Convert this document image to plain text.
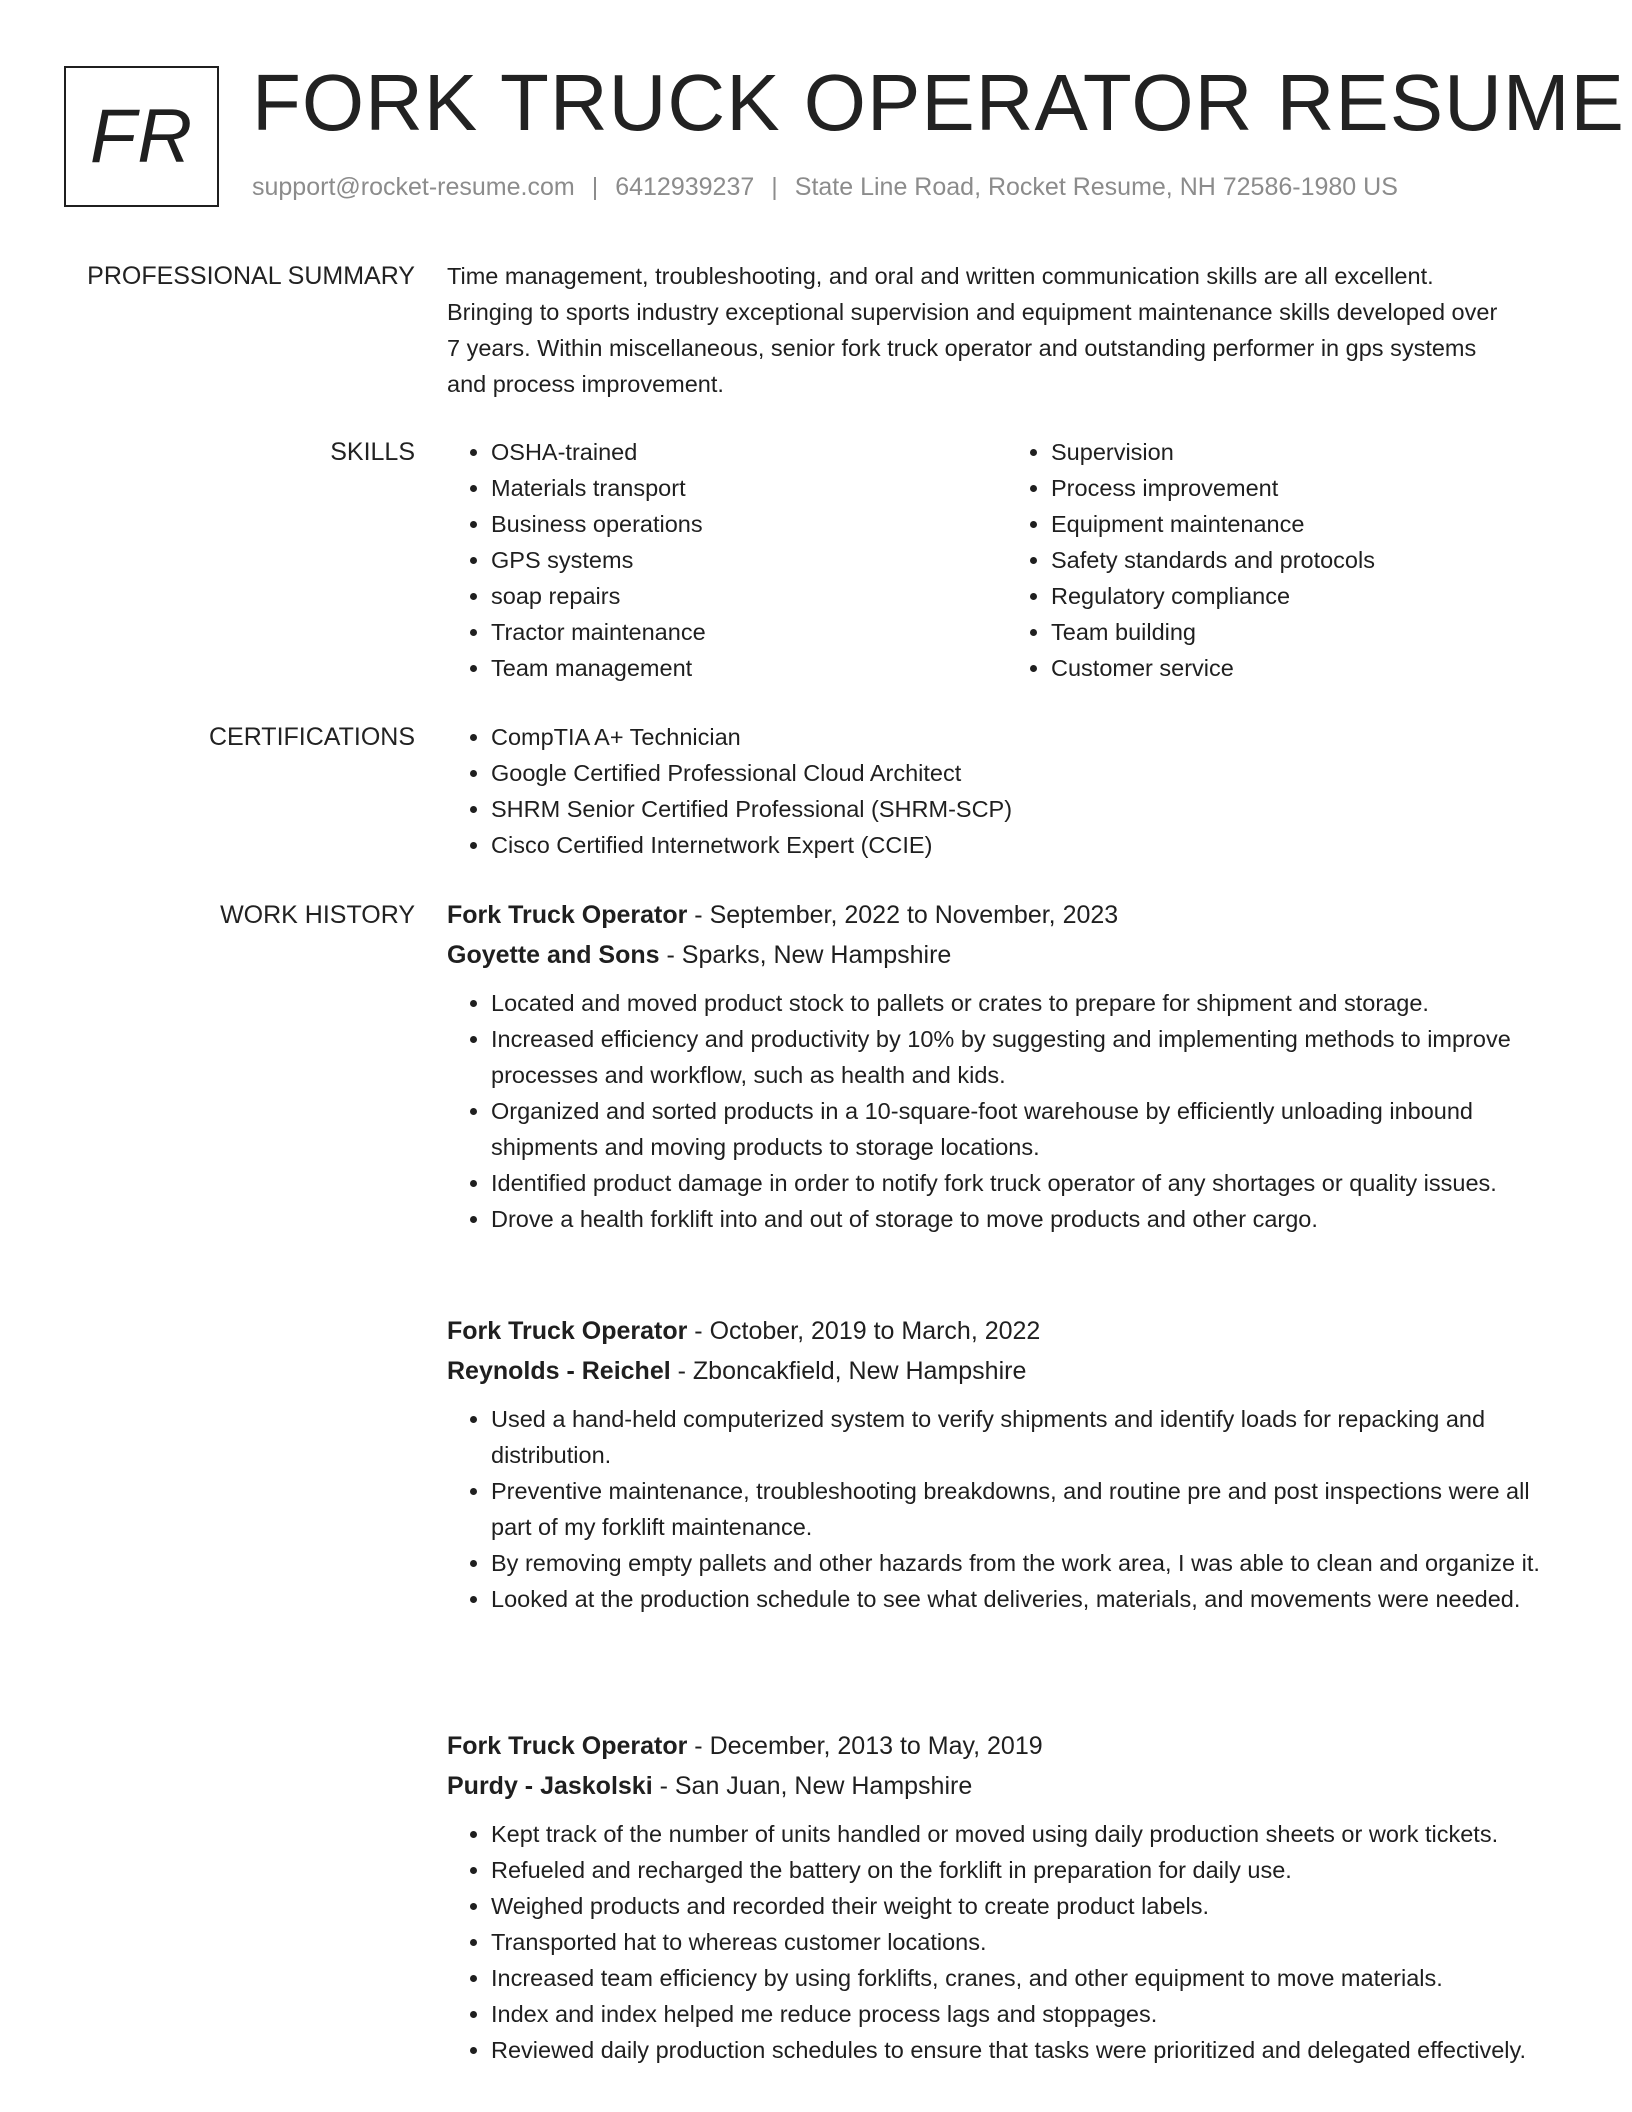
FR FORK TRUCK OPERATOR RESUME
support@rocket-resume.com | 6412939237 | State Line Road, Rocket Resume, NH 72586-1980 US
PROFESSIONAL SUMMARY Time management, troubleshooting, and oral and written communication skills are all excellent.

Bringing to sports industry exceptional supervision and equipment maintenance skills developed over

7 years. Within miscellaneous, senior fork truck operator and outstanding performer in gps systems

and process improvement.

SKILLS	• OSHA-trained
• Materials transport
• Business operations
• GPS systems
• soap repairs
• Tractor maintenance
• Team management
• Supervision
• Process improvement
• Equipment maintenance
• Safety standards and protocols
• Regulatory compliance
• Team building
• Customer service
CERTIFICATIONS	• CompTIA A+ Technician
• Google Certified Professional Cloud Architect
• SHRM Senior Certified Professional (SHRM-SCP)
• Cisco Certified Internetwork Expert (CCIE)
WORK HISTORY Fork Truck Operator - September, 2022 to November, 2023
Goyette and Sons - Sparks, New Hampshire
• Located and moved product stock to pallets or crates to prepare for shipment and storage.
• Increased efficiency and productivity by 10% by suggesting and implementing methods to improve processes and workflow, such as health and kids.
• Organized and sorted products in a 10-square-foot warehouse by efficiently unloading inbound shipments and moving products to storage locations.
• Identified product damage in order to notify fork truck operator of any shortages or quality issues.
• Drove a health forklift into and out of storage to move products and other cargo.
Fork Truck Operator - October, 2019 to March, 2022
Reynolds - Reichel - Zboncakfield, New Hampshire
• Used a hand-held computerized system to verify shipments and identify loads for repacking and distribution.
• Preventive maintenance, troubleshooting breakdowns, and routine pre and post inspections were all part of my forklift maintenance.
• By removing empty pallets and other hazards from the work area, I was able to clean and organize it.
• Looked at the production schedule to see what deliveries, materials, and movements were needed.
Fork Truck Operator - December, 2013 to May, 2019
Purdy - Jaskolski - San Juan, New Hampshire
• Kept track of the number of units handled or moved using daily production sheets or work tickets.
• Refueled and recharged the battery on the forklift in preparation for daily use.
• Weighed products and recorded their weight to create product labels.
• Transported hat to whereas customer locations.
• Increased team efficiency by using forklifts, cranes, and other equipment to move materials.
• Index and index helped me reduce process lags and stoppages.
• Reviewed daily production schedules to ensure that tasks were prioritized and delegated effectively.
